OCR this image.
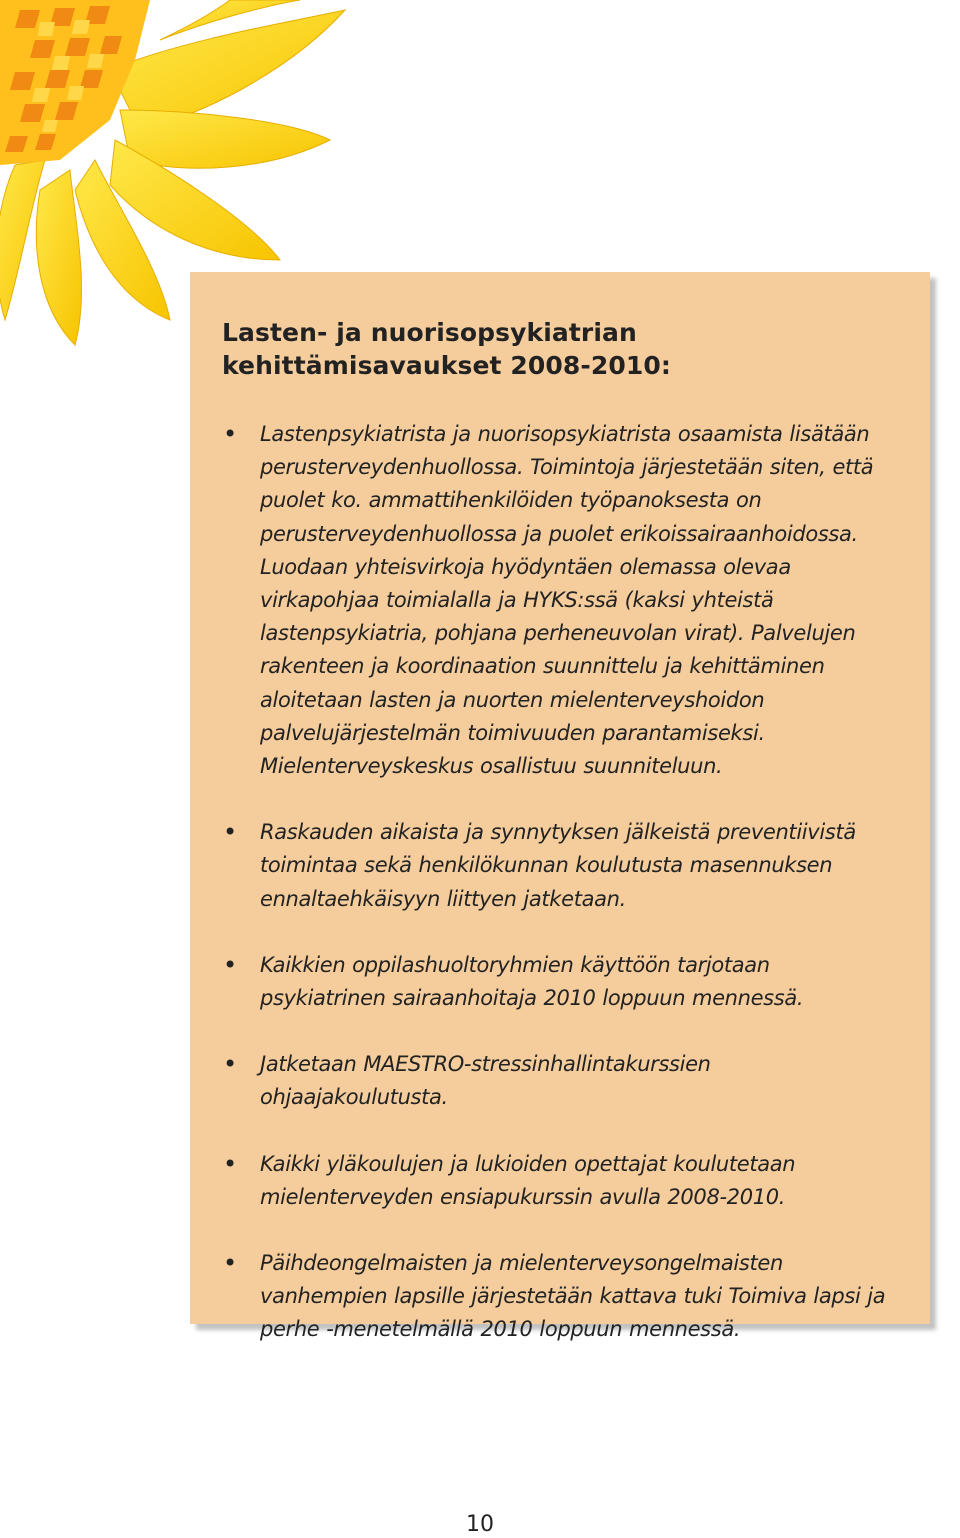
Lasten- ja nuorisopsykiatrian kehittämisavaukset 2008-2010:
• Lastenpsykiatrista ja nuorisopsykiatrista osaamista lisätään perusterveydenhuollossa. Toimintoja järjestetään siten, että puolet ko. ammattihenkilöiden työpanoksesta on perusterveydenhuollossa ja puolet erikoissairaanhoidossa. Luodaan yhteisvirkoja hyödyntäen olemassa olevaa virkapohjaa toimialalla ja HYKS:ssä (kaksi yhteistä lastenpsykiatria, pohjana perheneuvolan virat). Palvelujen rakenteen ja koordinaation suunnittelu ja kehittäminen aloitetaan lasten ja nuorten mielenterveyshoidon palvelujärjestelmän toimivuuden parantamiseksi. Mielenterveyskeskus osallistuu suunniteluun.
• Raskauden aikaista ja synnytyksen jälkeistä preventiivistä toimintaa sekä henkilökunnan koulutusta masennuksen ennaltaehkäisyyn liittyen jatketaan.
• Kaikkien oppilashuoltoryhmien käyttöön tarjotaan psykiatrinen sairaanhoitaja 2010 loppuun mennessä.
• Jatketaan MAESTRO-stressinhallintakurssien ohjaajakoulutusta.
• Kaikki yläkoulujen ja lukioiden opettajat koulutetaan mielenterveyden ensiapukurssin avulla 2008-2010.
• Päihdeongelmaisten ja mielenterveysongelmaisten vanhempien lapsille järjestetään kattava tuki Toimiva lapsi ja perhe -menetelmällä 2010 loppuun mennessä.

10
